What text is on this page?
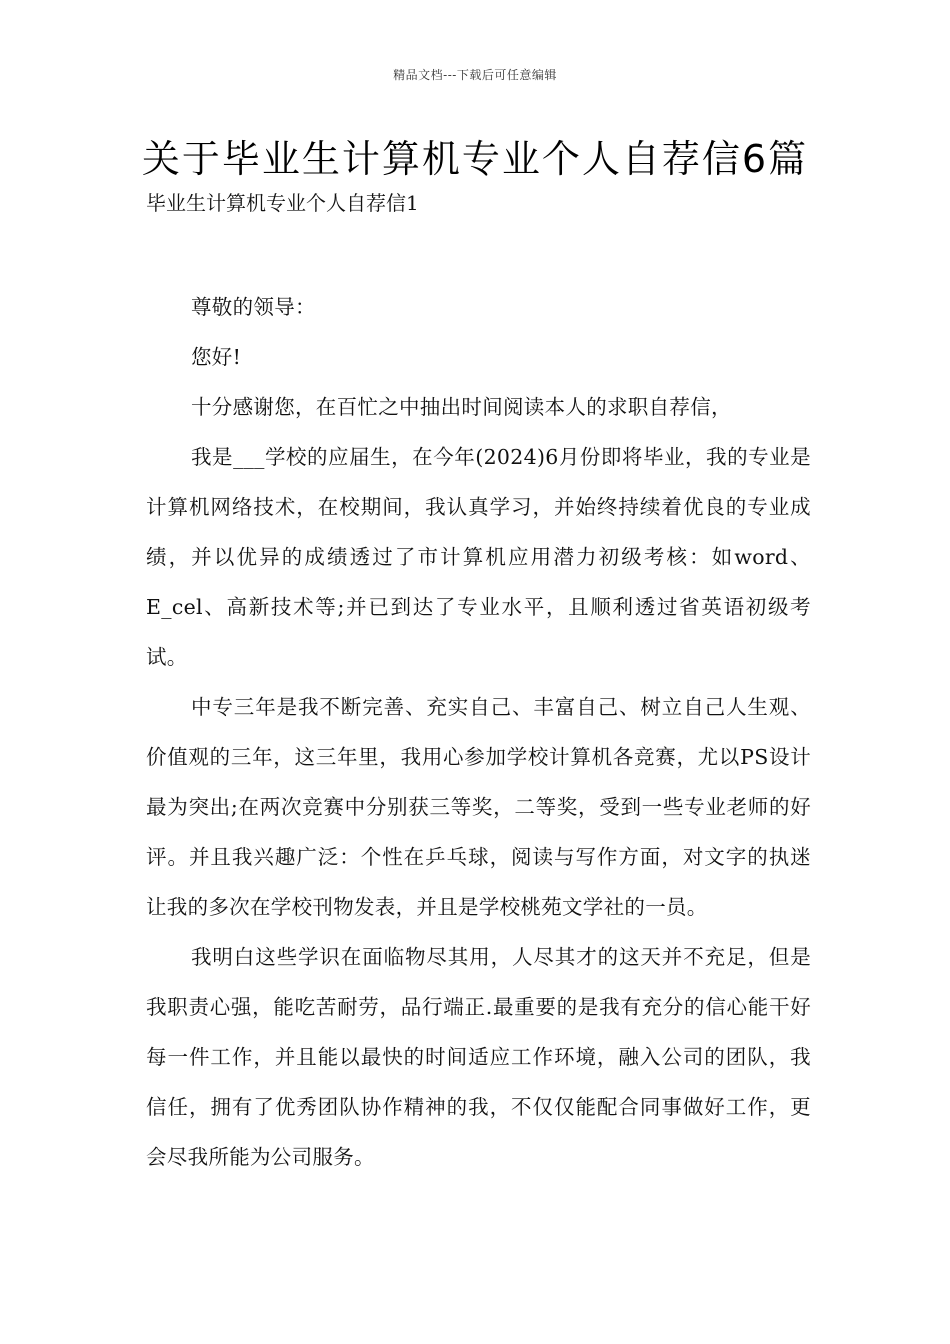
精品文档---下载后可任意编辑
关于毕业生计算机专业个人自荐信6篇

毕业生计算机专业个人自荐信1

尊敬的领导：

您好!

十分感谢您，在百忙之中抽出时间阅读本人的求职自荐信，

我是___学校的应届生，在今年(2024)6月份即将毕业，我的专业是计算机网络技术，在校期间，我认真学习，并始终持续着优良的专业成绩，并以优异的成绩透过了市计算机应用潜力初级考核：如word、E_cel、高新技术等;并已到达了专业水平，且顺利透过省英语初级考试。

中专三年是我不断完善、充实自己、丰富自己、树立自己人生观、价值观的三年，这三年里，我用心参加学校计算机各竞赛，尤以PS设计最为突出;在两次竞赛中分别获三等奖，二等奖，受到一些专业老师的好评。并且我兴趣广泛：个性在乒乓球，阅读与写作方面，对文字的执迷让我的多次在学校刊物发表，并且是学校桃苑文学社的一员。

我明白这些学识在面临物尽其用，人尽其才的这天并不充足，但是我职责心强，能吃苦耐劳，品行端正.最重要的是我有充分的信心能干好每一件工作，并且能以最快的时间适应工作环境，融入公司的团队，我信任，拥有了优秀团队协作精神的我，不仅仅能配合同事做好工作，更会尽我所能为公司服务。
